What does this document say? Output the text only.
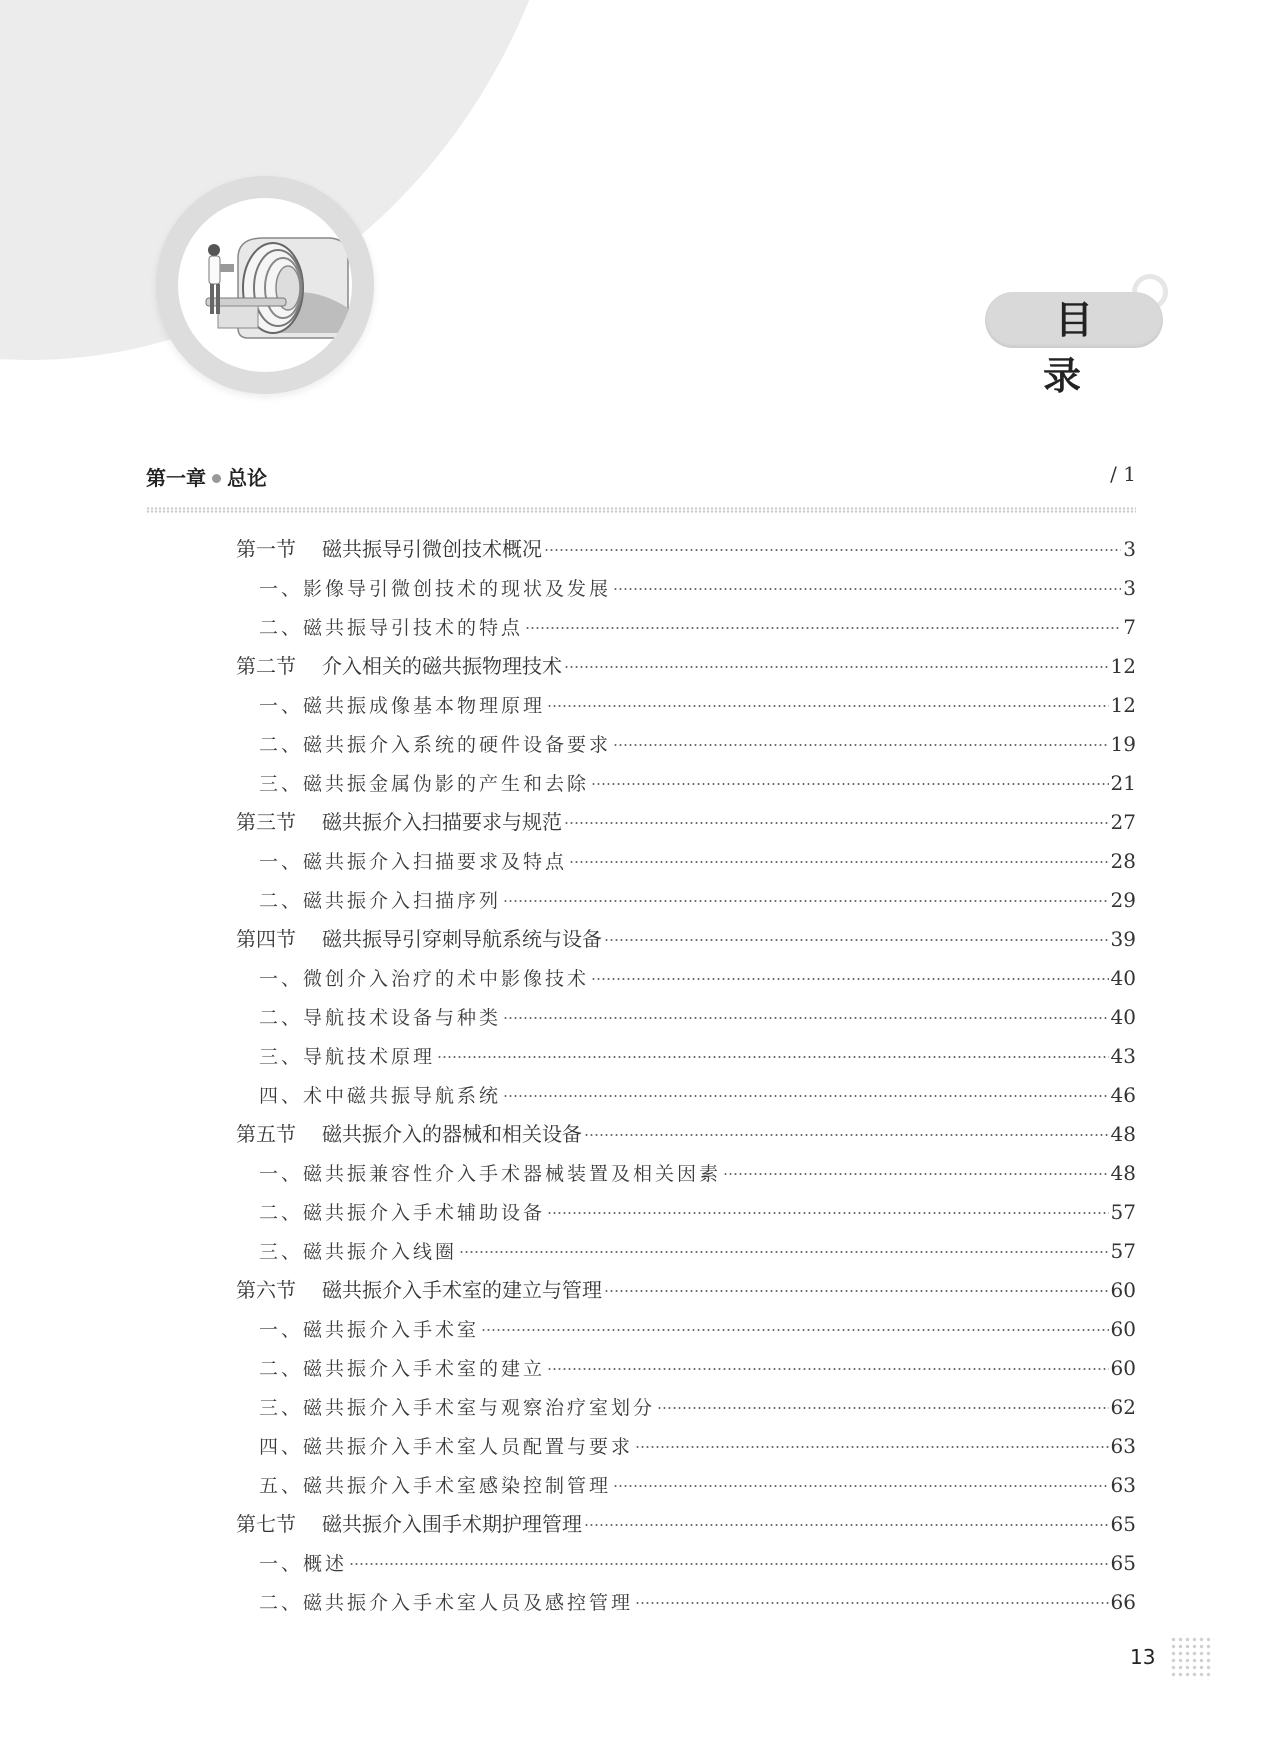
目 录
第一章 总论	/ 1
第一节 磁共振导引微创技术概况	3
一、影像导引微创技术的现状及发展	3
二、磁共振导引技术的特点	7
第二节 介入相关的磁共振物理技术	12
一、磁共振成像基本物理原理	12
二、磁共振介入系统的硬件设备要求	19
三、磁共振金属伪影的产生和去除	21
第三节 磁共振介入扫描要求与规范	27
一、磁共振介入扫描要求及特点	28
二、磁共振介入扫描序列	29
第四节 磁共振导引穿刺导航系统与设备	39
一、微创介入治疗的术中影像技术	40
二、导航技术设备与种类	40
三、导航技术原理	43
四、术中磁共振导航系统	46
第五节 磁共振介入的器械和相关设备	48
一、磁共振兼容性介入手术器械装置及相关因素	48
二、磁共振介入手术辅助设备	57
三、磁共振介入线圈	57
第六节 磁共振介入手术室的建立与管理	60
一、磁共振介入手术室	60
二、磁共振介入手术室的建立	60
三、磁共振介入手术室与观察治疗室划分	62
四、磁共振介入手术室人员配置与要求	63
五、磁共振介入手术室感染控制管理	63
第七节 磁共振介入围手术期护理管理	65
一、概述	65
二、磁共振介入手术室人员及感控管理	66
13
